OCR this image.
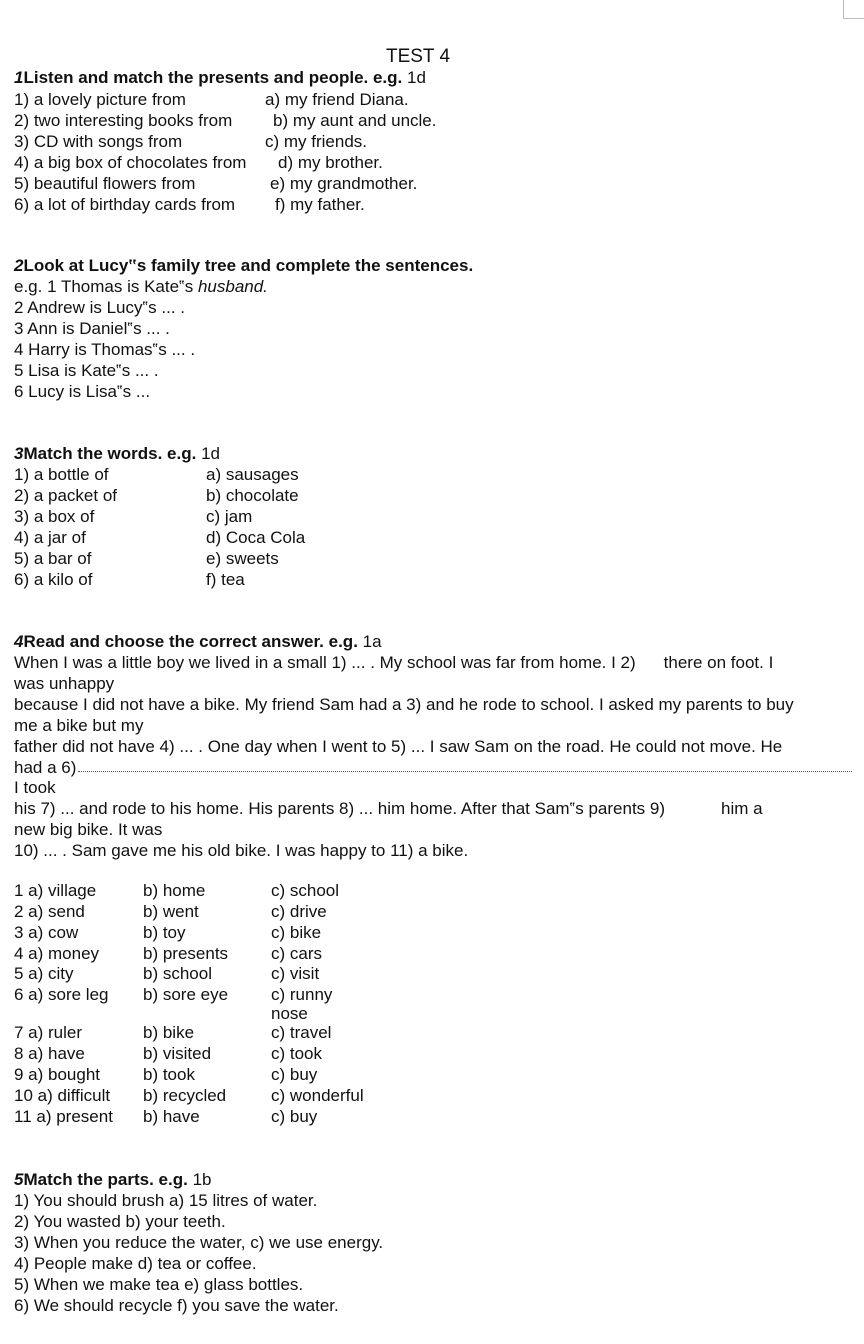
TEST 4
1Listen and match the presents and people. e.g. 1d
1) a lovely picture from	a) my friend Diana.
2) two interesting books from b) my aunt and uncle.
3) CD with songs from	c) my friends.
4) a big box of chocolates from d) my brother.
5) beautiful flowers from	e) my grandmother.
6) a lot of birthday cards from f) my father.
2Look at Lucy‟s family tree and complete the sentences.
e.g. 1 Thomas is Kate‟s husband.
2 Andrew is Lucy‟s ... .
3 Ann is Daniel‟s ... .
4 Harry is Thomas‟s ... .
5 Lisa is Kate‟s ... .
6 Lucy is Lisa‟s ...
3Match the words. e.g. 1d
1) a bottle of	a) sausages
2) a packet of	b) chocolate
3) a box of	c) jam
4) a jar of	d) Coca Cola
5) a bar of	e) sweets
6) a kilo of	f) tea
4Read and choose the correct answer. e.g. 1a
When I was a little boy we lived in a small 1) ... . My school was far from home. I 2) there on foot. I
was unhappy
because I did not have a bike. My friend Sam had a 3) and he rode to school. I asked my parents to buy
me a bike but my
father did not have 4) ... . One day when I went to 5) ... I saw Sam on the road. He could not move. He
had a 6)
I took
his 7) ... and rode to his home. His parents 8) ... him home. After that Sam‟s parents 9)	him a
new big bike. It was
10) ... . Sam gave me his old bike. I was happy to 11) a bike.
1 a) village	b) home	c) school
2 a) send	b) went	c) drive
3 a) cow	b) toy	c) bike
4 a) money	b) presents	c) cars
5 a) city	b) school	c) visit
6 a) sore leg b) sore eye	c) runny
nose
7 a) ruler	b) bike	c) travel
8 a) have	b) visited	c) took
9 a) bought	b) took	c) buy
10 a) difficult b) recycled	c) wonderful
11 a) present b) have	c) buy
5Match the parts. e.g. 1b
1) You should brush a) 15 litres of water.
2) You wasted b) your teeth.
3) When you reduce the water, c) we use energy.
4) People make d) tea or coffee.
5) When we make tea e) glass bottles.
6) We should recycle f) you save the water.
